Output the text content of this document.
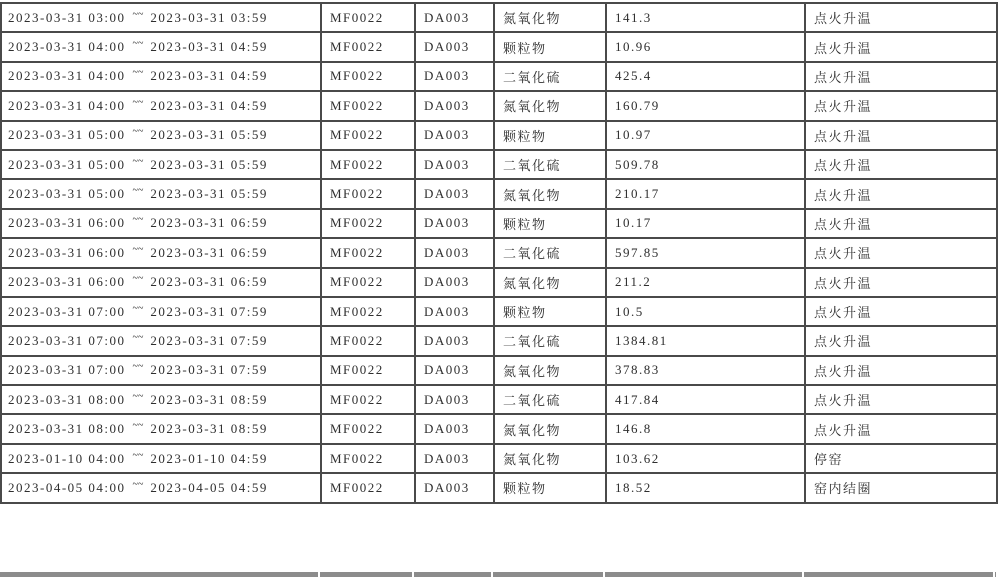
2023-03-31 03:00 ~~ 2023-03-31 03:59	MF0022	DA003	氮氧化物	141.3	点火升温
2023-03-31 04:00 ~~ 2023-03-31 04:59	MF0022	DA003	颗粒物	10.96	点火升温
2023-03-31 04:00 ~~ 2023-03-31 04:59	MF0022	DA003	二氧化硫	425.4	点火升温
2023-03-31 04:00 ~~ 2023-03-31 04:59	MF0022	DA003	氮氧化物	160.79	点火升温
2023-03-31 05:00 ~~ 2023-03-31 05:59	MF0022	DA003	颗粒物	10.97	点火升温
2023-03-31 05:00 ~~ 2023-03-31 05:59	MF0022	DA003	二氧化硫	509.78	点火升温
2023-03-31 05:00 ~~ 2023-03-31 05:59	MF0022	DA003	氮氧化物	210.17	点火升温
2023-03-31 06:00 ~~ 2023-03-31 06:59	MF0022	DA003	颗粒物	10.17	点火升温
2023-03-31 06:00 ~~ 2023-03-31 06:59	MF0022	DA003	二氧化硫	597.85	点火升温
2023-03-31 06:00 ~~ 2023-03-31 06:59	MF0022	DA003	氮氧化物	211.2	点火升温
2023-03-31 07:00 ~~ 2023-03-31 07:59	MF0022	DA003	颗粒物	10.5	点火升温
2023-03-31 07:00 ~~ 2023-03-31 07:59	MF0022	DA003	二氧化硫	1384.81	点火升温
2023-03-31 07:00 ~~ 2023-03-31 07:59	MF0022	DA003	氮氧化物	378.83	点火升温
2023-03-31 08:00 ~~ 2023-03-31 08:59	MF0022	DA003	二氧化硫	417.84	点火升温
2023-03-31 08:00 ~~ 2023-03-31 08:59	MF0022	DA003	氮氧化物	146.8	点火升温
2023-01-10 04:00 ~~ 2023-01-10 04:59	MF0022	DA003	氮氧化物	103.62	停窑
2023-04-05 04:00 ~~ 2023-04-05 04:59	MF0022	DA003	颗粒物	18.52	窑内结圈
